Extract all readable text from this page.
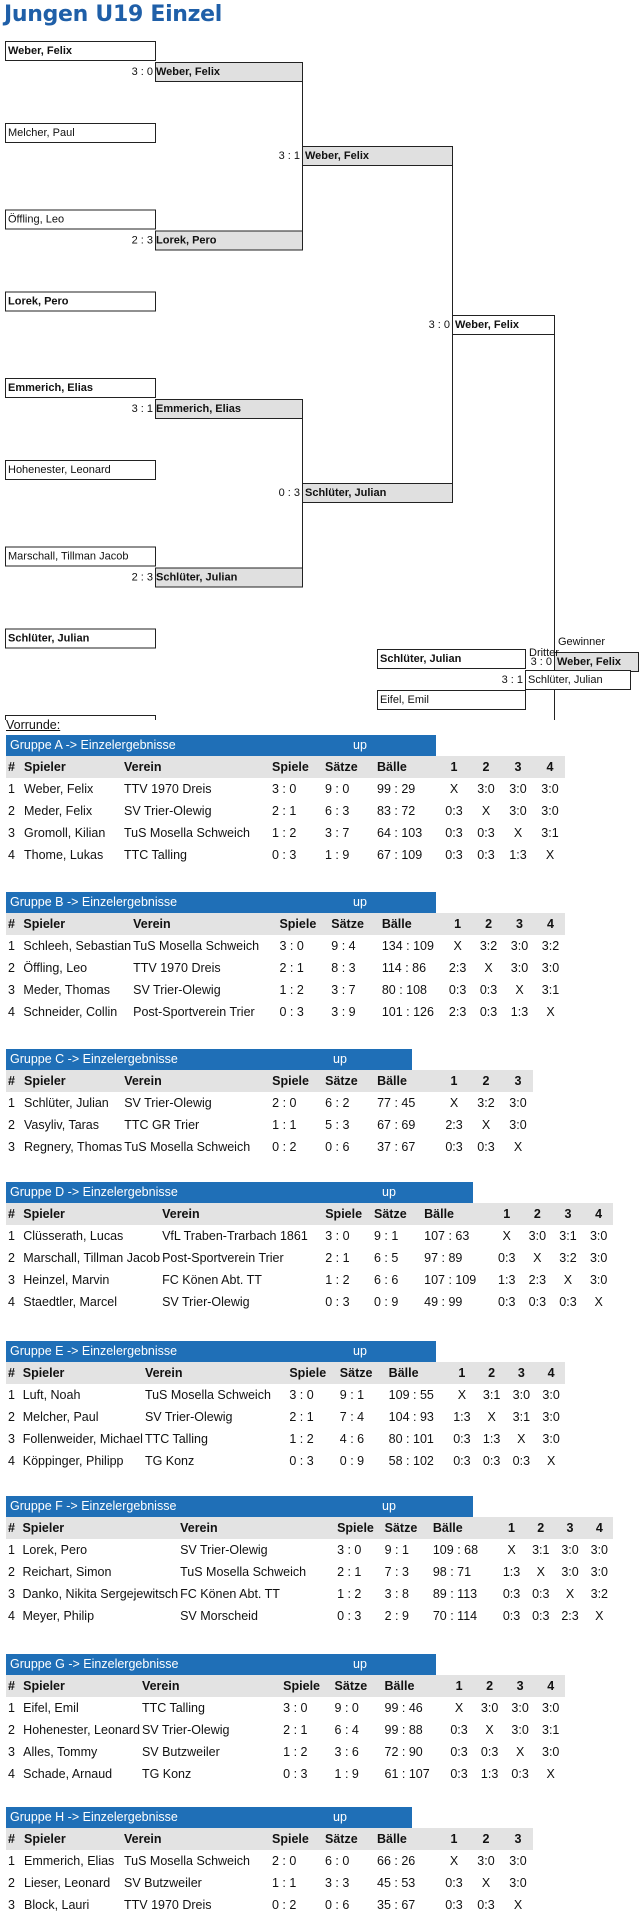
Jungen U19 Einzel
Weber, Felix
Melcher, Paul
3 : 0 Weber, Felix
Öffling, Leo
Lorek, Pero
2 : 3 Lorek, Pero
Emmerich, Elias
Hohenester, Leonard
3 : 1 Emmerich, Elias
Marschall, Tillman Jacob
Schlüter, Julian
2 : 3 Schlüter, Julian
3 : 1 Weber, Felix
0 : 3 Schlüter, Julian
3 : 0 Weber, Felix
Gewinner
3 : 0 Weber, Felix
Schlüter, Julian
Eifel, Emil
Dritter
3 : 1 Schlüter, Julian
Vorrunde:
Gruppe A -> Einzelergebnisse	up
#	Spieler	Verein	Spiele	Sätze	Bälle	1	2	3	4
1	Weber, Felix	TTV 1970 Dreis	3 : 0	9 : 0	99 : 29	X	3:0	3:0	3:0
2	Meder, Felix	SV Trier-Olewig	2 : 1	6 : 3	83 : 72	0:3	X	3:0	3:0
3	Gromoll, Kilian	TuS Mosella Schweich	1 : 2	3 : 7	64 : 103	0:3	0:3	X	3:1
4	Thome, Lukas	TTC Talling	0 : 3	1 : 9	67 : 109	0:3	0:3	1:3	X
Gruppe B -> Einzelergebnisse	up
#	Spieler	Verein	Spiele	Sätze	Bälle	1	2	3	4
1	Schleeh, Sebastian	TuS Mosella Schweich	3 : 0	9 : 4	134 : 109	X	3:2	3:0	3:2
2	Öffling, Leo	TTV 1970 Dreis	2 : 1	8 : 3	114 : 86	2:3	X	3:0	3:0
3	Meder, Thomas	SV Trier-Olewig	1 : 2	3 : 7	80 : 108	0:3	0:3	X	3:1
4	Schneider, Collin	Post-Sportverein Trier	0 : 3	3 : 9	101 : 126	2:3	0:3	1:3	X
Gruppe C -> Einzelergebnisse	up
#	Spieler	Verein	Spiele	Sätze	Bälle	1	2	3
1	Schlüter, Julian	SV Trier-Olewig	2 : 0	6 : 2	77 : 45	X	3:2	3:0
2	Vasyliv, Taras	TTC GR Trier	1 : 1	5 : 3	67 : 69	2:3	X	3:0
3	Regnery, Thomas	TuS Mosella Schweich	0 : 2	0 : 6	37 : 67	0:3	0:3	X
Gruppe D -> Einzelergebnisse	up
#	Spieler	Verein	Spiele	Sätze	Bälle	1	2	3	4
1	Clüsserath, Lucas	VfL Traben-Trarbach 1861	3 : 0	9 : 1	107 : 63	X	3:0	3:1	3:0
2	Marschall, Tillman Jacob	Post-Sportverein Trier	2 : 1	6 : 5	97 : 89	0:3	X	3:2	3:0
3	Heinzel, Marvin	FC Könen Abt. TT	1 : 2	6 : 6	107 : 109	1:3	2:3	X	3:0
4	Staedtler, Marcel	SV Trier-Olewig	0 : 3	0 : 9	49 : 99	0:3	0:3	0:3	X
Gruppe E -> Einzelergebnisse	up
#	Spieler	Verein	Spiele	Sätze	Bälle	1	2	3	4
1	Luft, Noah	TuS Mosella Schweich	3 : 0	9 : 1	109 : 55	X	3:1	3:0	3:0
2	Melcher, Paul	SV Trier-Olewig	2 : 1	7 : 4	104 : 93	1:3	X	3:1	3:0
3	Follenweider, Michael	TTC Talling	1 : 2	4 : 6	80 : 101	0:3	1:3	X	3:0
4	Köppinger, Philipp	TG Konz	0 : 3	0 : 9	58 : 102	0:3	0:3	0:3	X
Gruppe F -> Einzelergebnisse	up
#	Spieler	Verein	Spiele	Sätze	Bälle	1	2	3	4
1	Lorek, Pero	SV Trier-Olewig	3 : 0	9 : 1	109 : 68	X	3:1	3:0	3:0
2	Reichart, Simon	TuS Mosella Schweich	2 : 1	7 : 3	98 : 71	1:3	X	3:0	3:0
3	Danko, Nikita Sergejewitsch	FC Könen Abt. TT	1 : 2	3 : 8	89 : 113	0:3	0:3	X	3:2
4	Meyer, Philip	SV Morscheid	0 : 3	2 : 9	70 : 114	0:3	0:3	2:3	X
Gruppe G -> Einzelergebnisse	up
#	Spieler	Verein	Spiele	Sätze	Bälle	1	2	3	4
1	Eifel, Emil	TTC Talling	3 : 0	9 : 0	99 : 46	X	3:0	3:0	3:0
2	Hohenester, Leonard	SV Trier-Olewig	2 : 1	6 : 4	99 : 88	0:3	X	3:0	3:1
3	Alles, Tommy	SV Butzweiler	1 : 2	3 : 6	72 : 90	0:3	0:3	X	3:0
4	Schade, Arnaud	TG Konz	0 : 3	1 : 9	61 : 107	0:3	1:3	0:3	X
Gruppe H -> Einzelergebnisse	up
#	Spieler	Verein	Spiele	Sätze	Bälle	1	2	3
1	Emmerich, Elias	TuS Mosella Schweich	2 : 0	6 : 0	66 : 26	X	3:0	3:0
2	Lieser, Leonard	SV Butzweiler	1 : 1	3 : 3	45 : 53	0:3	X	3:0
3	Block, Lauri	TTV 1970 Dreis	0 : 2	0 : 6	35 : 67	0:3	0:3	X
